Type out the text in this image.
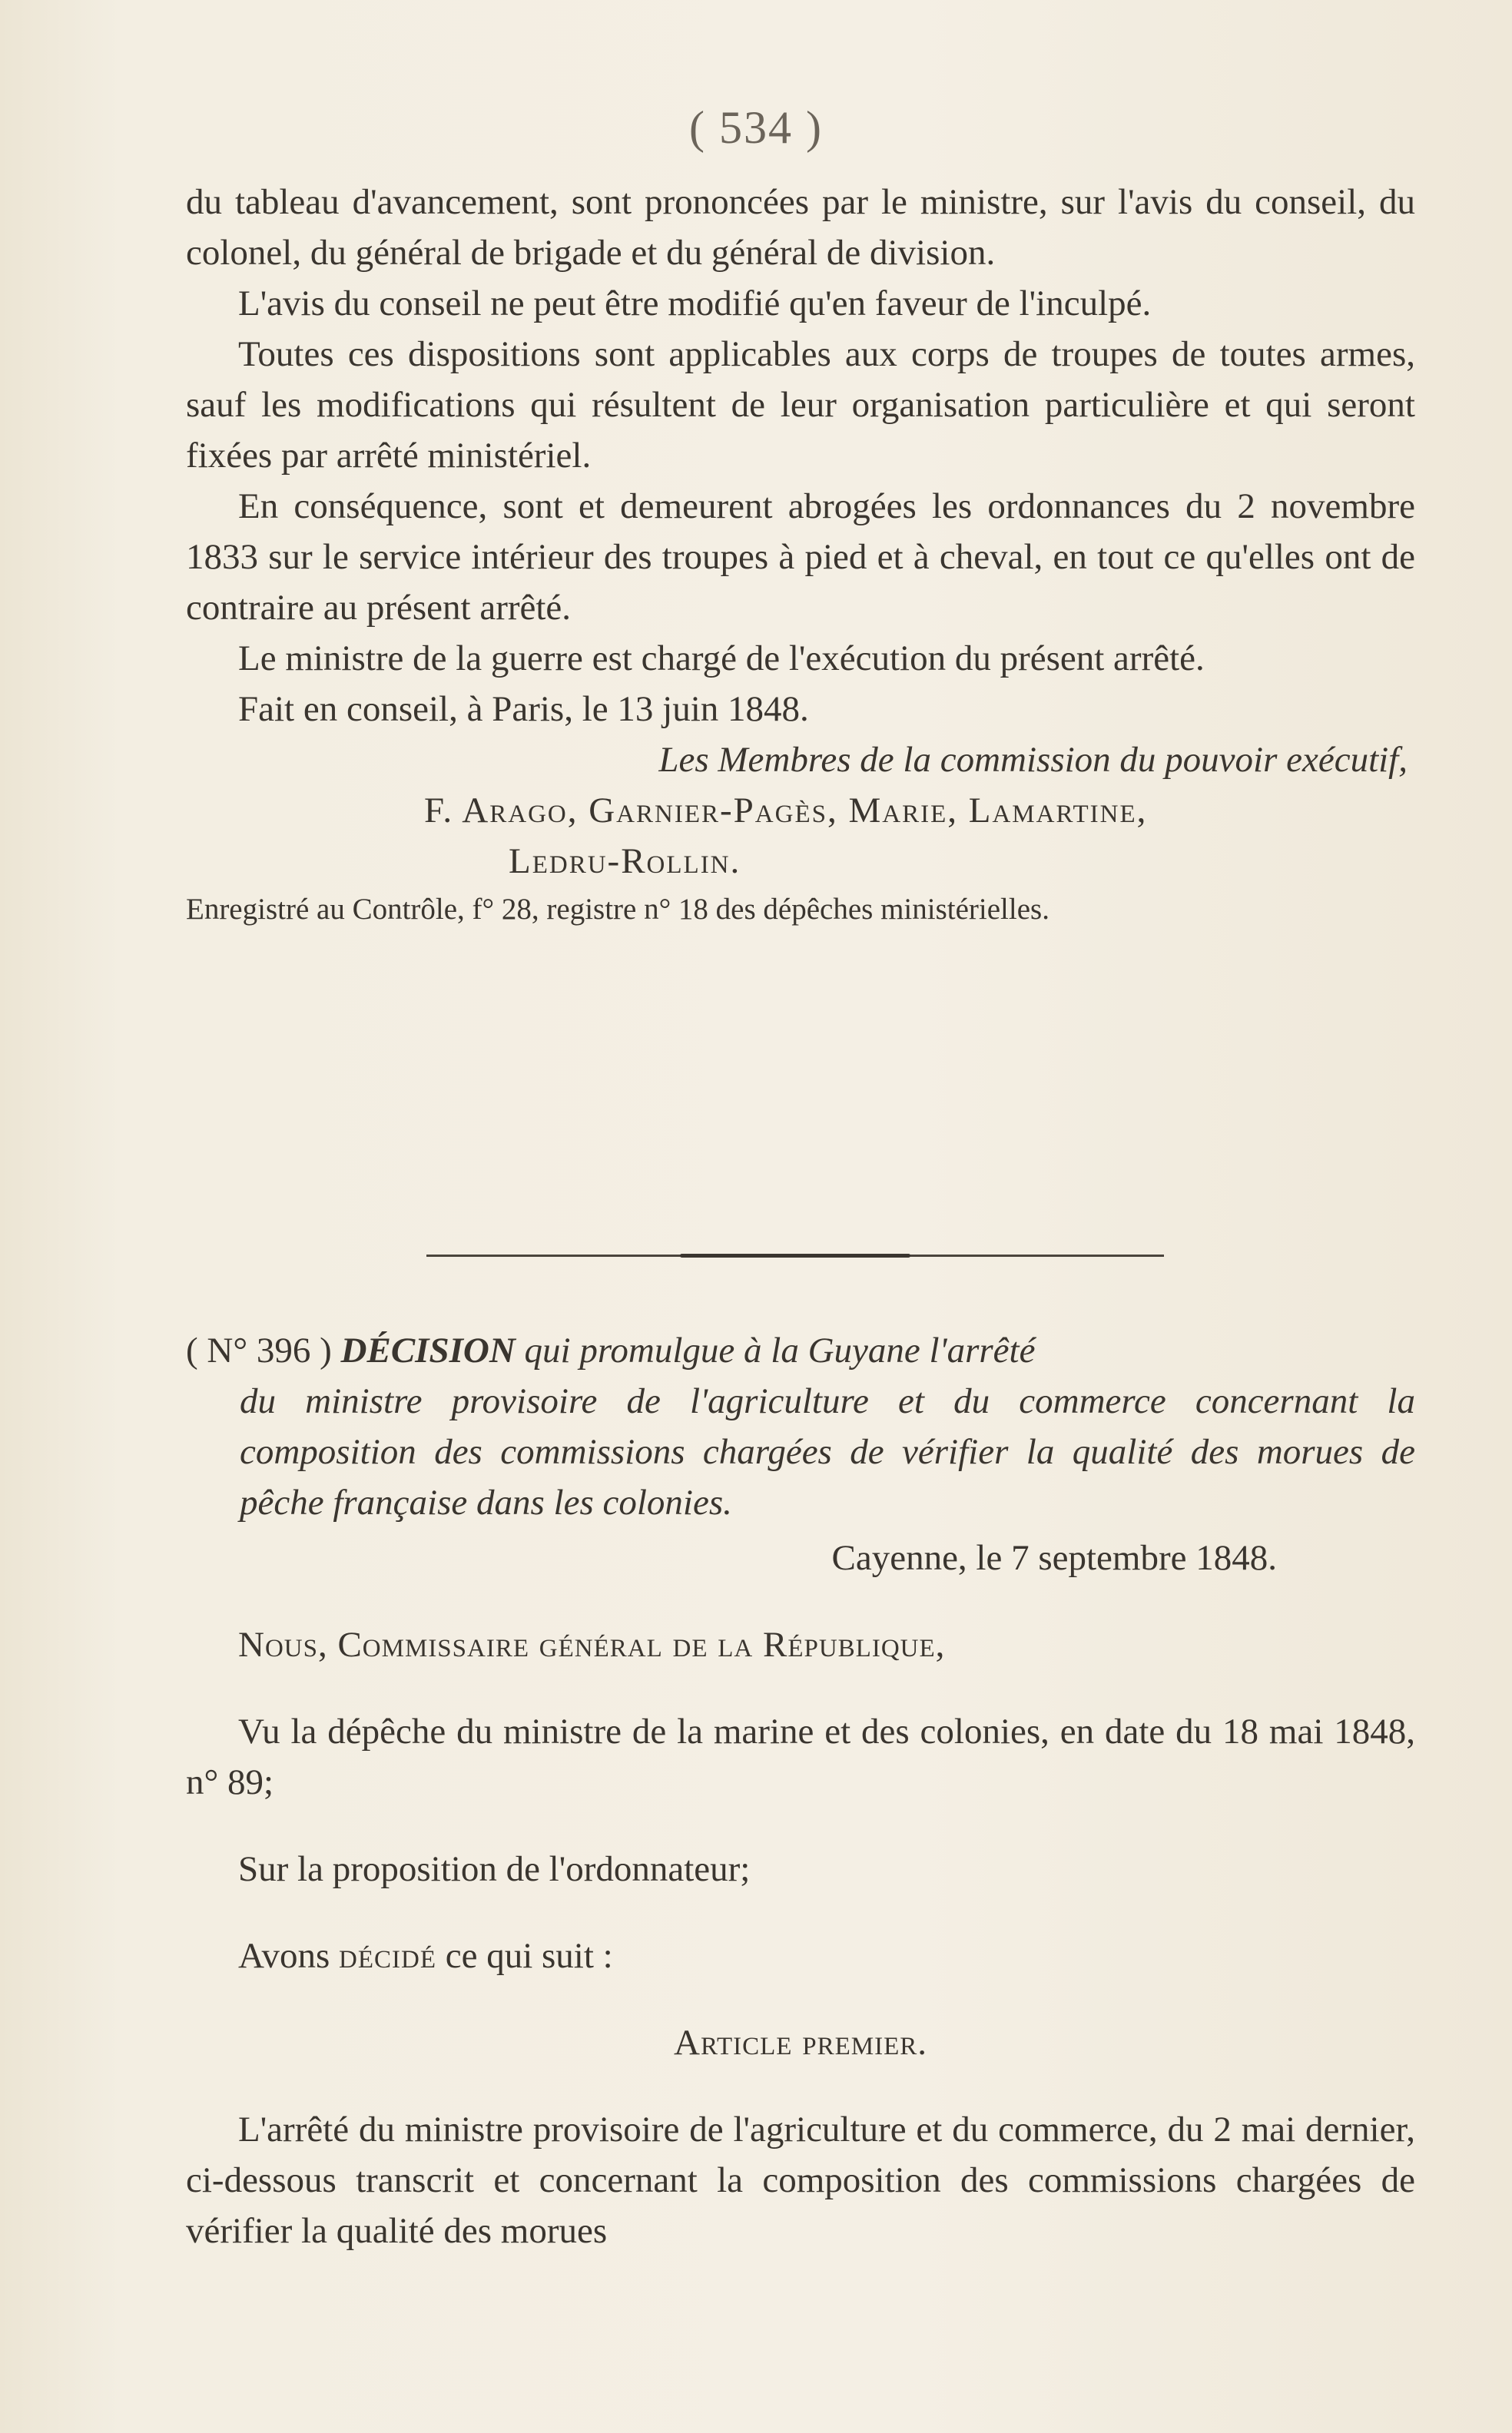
( 534 )

du tableau d'avancement, sont prononcées par le ministre, sur l'avis du conseil, du colonel, du général de brigade et du général de division.

L'avis du conseil ne peut être modifié qu'en faveur de l'inculpé.

Toutes ces dispositions sont applicables aux corps de troupes de toutes armes, sauf les modifications qui résultent de leur organisation particulière et qui seront fixées par arrêté ministériel.

En conséquence, sont et demeurent abrogées les ordonnances du 2 novembre 1833 sur le service intérieur des troupes à pied et à cheval, en tout ce qu'elles ont de contraire au présent arrêté.

Le ministre de la guerre est chargé de l'exécution du présent arrêté.

Fait en conseil, à Paris, le 13 juin 1848.

Les Membres de la commission du pouvoir exécutif,

F. Arago, Garnier-Pagès, Marie, Lamartine,
Ledru-Rollin.

Enregistré au Contrôle, f° 28, registre n° 18 des dépêches ministérielles.

( N° 396 ) DÉCISION qui promulgue à la Guyane l'arrêté

du ministre provisoire de l'agriculture et du commerce concernant la composition des commissions chargées de vérifier la qualité des morues de pêche française dans les colonies.

Cayenne, le 7 septembre 1848.

Nous, Commissaire général de la République,

Vu la dépêche du ministre de la marine et des colonies, en date du 18 mai 1848, n° 89;

Sur la proposition de l'ordonnateur;

Avons décidé ce qui suit :

Article premier.

L'arrêté du ministre provisoire de l'agriculture et du commerce, du 2 mai dernier, ci-dessous transcrit et concernant la composition des commissions chargées de vérifier la qualité des morues
